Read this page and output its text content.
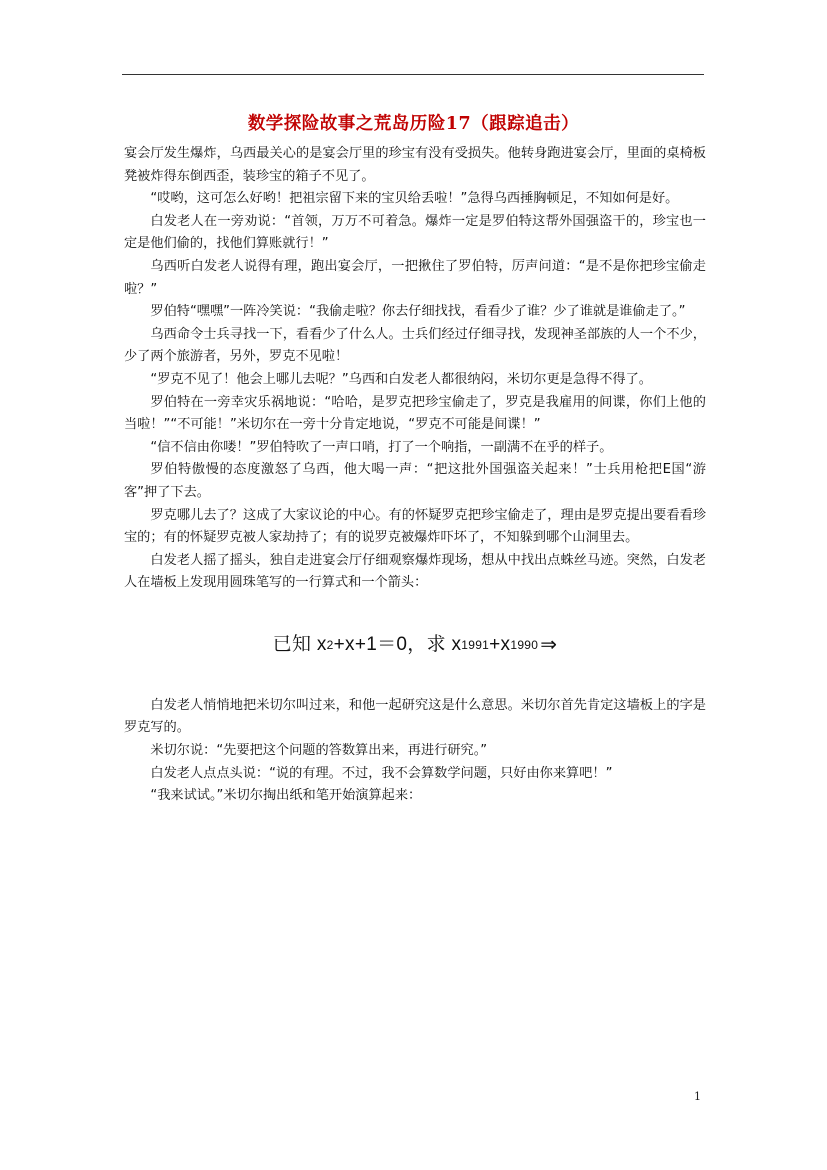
数学探险故事之荒岛历险17（跟踪追击）

宴会厅发生爆炸，乌西最关心的是宴会厅里的珍宝有没有受损失。他转身跑进宴会厅，里面的桌椅板凳被炸得东倒西歪，装珍宝的箱子不见了。

“哎哟，这可怎么好哟！把祖宗留下来的宝贝给丢啦！”急得乌西捶胸顿足，不知如何是好。

白发老人在一旁劝说：“首领，万万不可着急。爆炸一定是罗伯特这帮外国强盗干的，珍宝也一定是他们偷的，找他们算账就行！”

乌西听白发老人说得有理，跑出宴会厅，一把揪住了罗伯特，厉声问道：“是不是你把珍宝偷走啦？”

罗伯特“嘿嘿”一阵冷笑说：“我偷走啦？你去仔细找找，看看少了谁？少了谁就是谁偷走了。”

乌西命令士兵寻找一下，看看少了什么人。士兵们经过仔细寻找，发现神圣部族的人一个不少，少了两个旅游者，另外，罗克不见啦！

“罗克不见了！他会上哪儿去呢？”乌西和白发老人都很纳闷，米切尔更是急得不得了。

罗伯特在一旁幸灾乐祸地说：“哈哈，是罗克把珍宝偷走了，罗克是我雇用的间谍，你们上他的当啦！”“不可能！”米切尔在一旁十分肯定地说，“罗克不可能是间谍！”

“信不信由你喽！”罗伯特吹了一声口哨，打了一个响指，一副满不在乎的样子。

罗伯特傲慢的态度激怒了乌西，他大喝一声：“把这批外国强盗关起来！”士兵用枪把E国“游客”押了下去。

罗克哪儿去了？这成了大家议论的中心。有的怀疑罗克把珍宝偷走了，理由是罗克提出要看看珍宝的；有的怀疑罗克被人家劫持了；有的说罗克被爆炸吓坏了，不知躲到哪个山洞里去。

白发老人摇了摇头，独自走进宴会厅仔细观察爆炸现场，想从中找出点蛛丝马迹。突然，白发老人在墙板上发现用圆珠笔写的一行算式和一个箭头：

已知 x 2 +x+1＝0，求 x 1991 +x 1990 ⇒

白发老人悄悄地把米切尔叫过来，和他一起研究这是什么意思。米切尔首先肯定这墙板上的字是罗克写的。

米切尔说：“先要把这个问题的答数算出来，再进行研究。”

白发老人点点头说：“说的有理。不过，我不会算数学问题，只好由你来算吧！”

“我来试试。”米切尔掏出纸和笔开始演算起来：

1
